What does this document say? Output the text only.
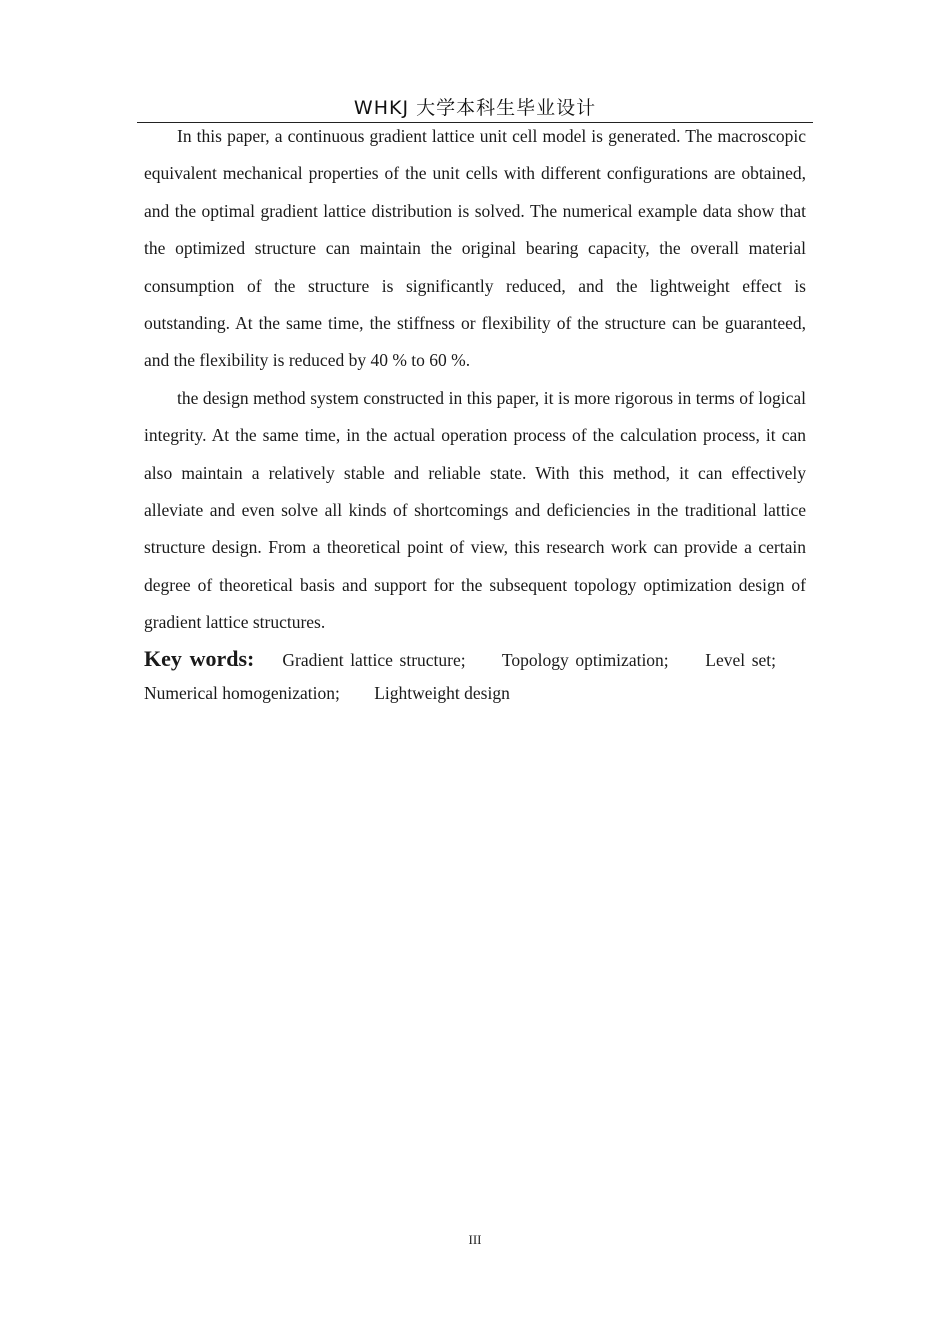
WHKJ 大学本科生毕业设计

In this paper, a continuous gradient lattice unit cell model is generated. The macroscopic equivalent mechanical properties of the unit cells with different configurations are obtained, and the optimal gradient lattice distribution is solved. The numerical example data show that the optimized structure can maintain the original bearing capacity, the overall material consumption of the structure is significantly reduced, and the lightweight effect is outstanding. At the same time, the stiffness or flexibility of the structure can be guaranteed, and the flexibility is reduced by 40 % to 60 %.

the design method system constructed in this paper, it is more rigorous in terms of logical integrity. At the same time, in the actual operation process of the calculation process, it can also maintain a relatively stable and reliable state. With this method, it can effectively alleviate and even solve all kinds of shortcomings and deficiencies in the traditional lattice structure design. From a theoretical point of view, this research work can provide a certain degree of theoretical basis and support for the subsequent topology optimization design of gradient lattice structures.

Key words: Gradient lattice structure; Topology optimization; Level set; Numerical homogenization; Lightweight design

III
